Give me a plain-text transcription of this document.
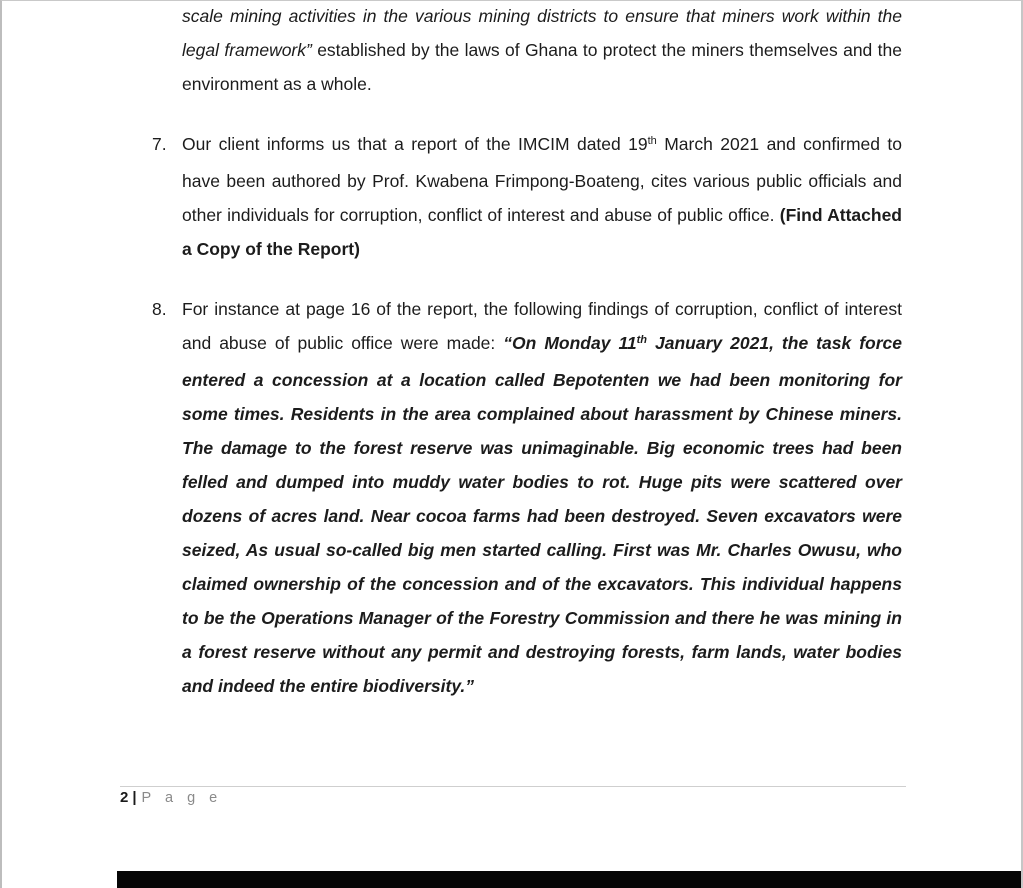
scale mining activities in the various mining districts to ensure that miners work within the legal framework” established by the laws of Ghana to protect the miners themselves and the environment as a whole.
7. Our client informs us that a report of the IMCIM dated 19th March 2021 and confirmed to have been authored by Prof. Kwabena Frimpong-Boateng, cites various public officials and other individuals for corruption, conflict of interest and abuse of public office. (Find Attached a Copy of the Report)
8. For instance at page 16 of the report, the following findings of corruption, conflict of interest and abuse of public office were made: “On Monday 11th January 2021, the task force entered a concession at a location called Bepotenten we had been monitoring for some times. Residents in the area complained about harassment by Chinese miners. The damage to the forest reserve was unimaginable. Big economic trees had been felled and dumped into muddy water bodies to rot. Huge pits were scattered over dozens of acres land. Near cocoa farms had been destroyed. Seven excavators were seized, As usual so-called big men started calling. First was Mr. Charles Owusu, who claimed ownership of the concession and of the excavators. This individual happens to be the Operations Manager of the Forestry Commission and there he was mining in a forest reserve without any permit and destroying forests, farm lands, water bodies and indeed the entire biodiversity.”
2 | P a g e
